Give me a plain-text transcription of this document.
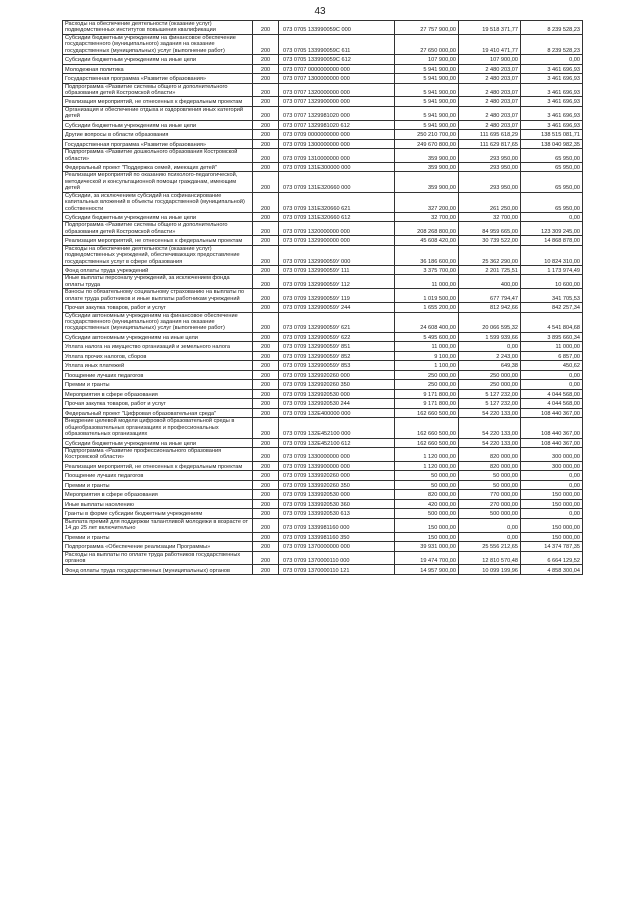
43
Расходы на обеспечение деятельности (оказание услуг) подведомственных институтов повышения квалификации	200	073 0705 133990059С 000	27 757 900,00	19 518 371,77	8 239 528,23
Субсидии бюджетным учреждениям на финансовое обеспечение государственного (муниципального) задания на оказание государственных (муниципальных) услуг (выполнение работ)	200	073 0705 133990059С 611	27 650 000,00	19 410 471,77	8 239 528,23
Субсидии бюджетным учреждениям на иные цели	200	073 0705 133990059С 612	107 900,00	107 900,00	0,00
Молодежная политика	200	073 0707 0000000000 000	5 941 900,00	2 480 203,07	3 461 696,93
Государственная программа «Развитие образования»	200	073 0707 1300000000 000	5 941 900,00	2 480 203,07	3 461 696,93
Подпрограмма «Развитие системы общего и дополнительного образования детей Костромской области»	200	073 0707 1320000000 000	5 941 900,00	2 480 203,07	3 461 696,93
Реализация мероприятий, не отнесенных к федеральным проектам	200	073 0707 1329900000 000	5 941 900,00	2 480 203,07	3 461 696,93
Организация и обеспечение отдыха и оздоровления иных категорий детей	200	073 0707 1329981020 000	5 941 900,00	2 480 203,07	3 461 696,93
Субсидии бюджетным учреждениям на иные цели	200	073 0707 1329981020 612	5 941 900,00	2 480 203,07	3 461 696,93
Другие вопросы в области образования	200	073 0709 0000000000 000	250 210 700,00	111 695 618,29	138 515 081,71
Государственная программа «Развитие образования»	200	073 0709 1300000000 000	249 670 800,00	111 629 817,65	138 040 982,35
Подпрограмма «Развитие дошкольного образования Костромской области»	200	073 0709 1310000000 000	359 900,00	293 950,00	65 950,00
Федеральный проект "Поддержка семей, имеющих детей"	200	073 0709 131Е300000 000	359 900,00	293 950,00	65 950,00
Реализация мероприятий по оказанию психолого-педагогической, методической и консультационной помощи гражданам, имеющим детей	200	073 0709 131Е320660 000	359 900,00	293 950,00	65 950,00
Субсидии, за исключением субсидий на софинансирование капитальных вложений в объекты государственной (муниципальной) собственности	200	073 0709 131Е320660 621	327 200,00	261 250,00	65 950,00
Субсидии бюджетным учреждениям на иные цели	200	073 0709 131Е320660 612	32 700,00	32 700,00	0,00
Подпрограмма «Развитие системы общего и дополнительного образования детей Костромской области»	200	073 0709 1320000000 000	208 268 800,00	84 959 665,00	123 309 245,00
Реализация мероприятий, не отнесенных к федеральным проектам	200	073 0709 1329900000 000	45 608 420,00	30 739 522,00	14 868 878,00
Расходы на обеспечение деятельности (оказание услуг) подведомственных учреждений, обеспечивающих предоставление государственных услуг в сфере образования	200	073 0709 132990059У 000	36 186 600,00	25 362 290,00	10 824 310,00
Фонд оплаты труда учреждений	200	073 0709 132990059У 111	3 375 700,00	2 201 725,51	1 173 974,49
Иные выплаты персоналу учреждений, за исключением фонда оплаты труда	200	073 0709 132990059У 112	11 000,00	400,00	10 600,00
Взносы по обязательному социальному страхованию на выплаты по оплате труда работников и иные выплаты работникам учреждений	200	073 0709 132990059У 119	1 019 500,00	677 794,47	341 705,53
Прочая закупка товаров, работ и услуг	200	073 0709 132990059У 244	1 655 200,00	812 942,66	842 257,34
Субсидии автономным учреждениям на финансовое обеспечение государственного (муниципального) задания на оказание государственных (муниципальных) услуг (выполнение работ)	200	073 0709 132990059У 621	24 608 400,00	20 066 595,32	4 541 804,68
Субсидии автономным учреждениям на иные цели	200	073 0709 132990059У 622	5 495 600,00	1 599 939,66	3 895 660,34
Уплата налога на имущество организаций и земельного налога	200	073 0709 132990059У 851	11 000,00	0,00	11 000,00
Уплата прочих налогов, сборов	200	073 0709 132990059У 852	9 100,00	2 243,00	6 857,00
Уплата иных платежей	200	073 0709 132990059У 853	1 100,00	649,38	450,62
Поощрение лучших педагогов	200	073 0709 1329920260 000	250 000,00	250 000,00	0,00
Премии и гранты	200	073 0709 1329920260 350	250 000,00	250 000,00	0,00
Мероприятия в сфере образования	200	073 0709 1329920530 000	9 171 800,00	5 127 232,00	4 044 568,00
Прочая закупка товаров, работ и услуг	200	073 0709 1329920530 244	9 171 800,00	5 127 232,00	4 044 568,00
Федеральный проект "Цифровая образовательная среда"	200	073 0709 132Е400000 000	162 660 500,00	54 220 133,00	108 440 367,00
Внедрение целевой модели цифровой образовательной среды в общеобразовательных организациях и профессиональных образовательных организациях	200	073 0709 132Е452100 000	162 660 500,00	54 220 133,00	108 440 367,00
Субсидии бюджетным учреждениям на иные цели	200	073 0709 132Е452100 612	162 660 500,00	54 220 133,00	108 440 367,00
Подпрограмма «Развитие профессионального образования Костромской области»	200	073 0709 1330000000 000	1 120 000,00	820 000,00	300 000,00
Реализация мероприятий, не отнесенных к федеральным проектам	200	073 0709 1339900000 000	1 120 000,00	820 000,00	300 000,00
Поощрение лучших педагогов	200	073 0709 1339920260 000	50 000,00	50 000,00	0,00
Премии и гранты	200	073 0709 1339920260 350	50 000,00	50 000,00	0,00
Мероприятия в сфере образования	200	073 0709 1339920530 000	820 000,00	770 000,00	150 000,00
Иные выплаты населению	200	073 0709 1339920530 360	420 000,00	270 000,00	150 000,00
Гранты в форме субсидии бюджетным учреждениям	200	073 0709 1339920530 613	500 000,00	500 000,00	0,00
Выплата премий для поддержки талантливой молодежи в возрасте от 14 до 25 лет включительно	200	073 0709 1339981160 000	150 000,00	0,00	150 000,00
Премии и гранты	200	073 0709 1339981160 350	150 000,00	0,00	150 000,00
Подпрограмма «Обеспечение реализации Программы»	200	073 0709 1370000000 000	39 931 000,00	25 556 212,65	14 374 787,35
Расходы на выплаты по оплате труда работников государственных органов	200	073 0709 1370000110 000	19 474 700,00	12 810 570,48	6 664 129,52
Фонд оплаты труда государственных (муниципальных) органов	200	073 0709 1370000110 121	14 957 900,00	10 099 199,96	4 858 300,04
